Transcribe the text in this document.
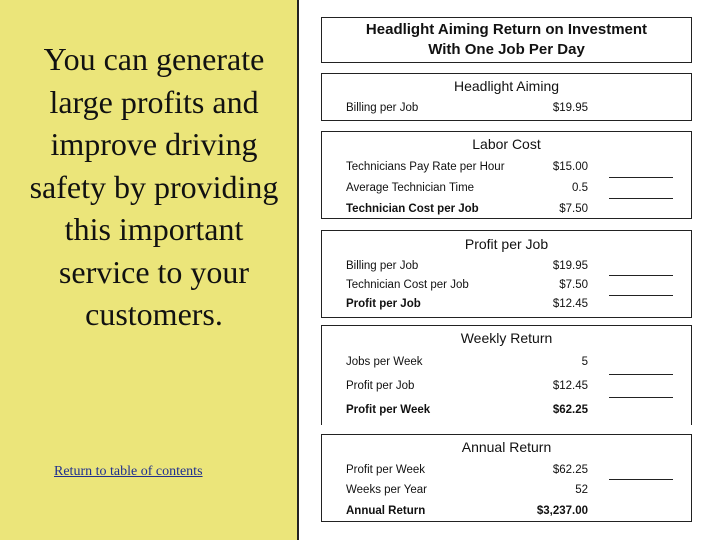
You can generate large profits and improve driving safety by providing this important service to your customers.
Return to table of contents
Headlight Aiming Return on Investment
With One Job Per Day
Headlight Aiming
Billing per Job	$19.95
Labor Cost
Technicians Pay Rate per Hour	$15.00
Average Technician Time	0.5
Technician Cost per Job	$7.50
Profit per Job
Billing per Job	$19.95
Technician Cost per Job	$7.50
Profit per Job	$12.45
Weekly Return
Jobs per Week	5
Profit per Job	$12.45
Profit per Week	$62.25
Annual Return
Profit per Week	$62.25
Weeks per Year	52
Annual Return	$3,237.00
